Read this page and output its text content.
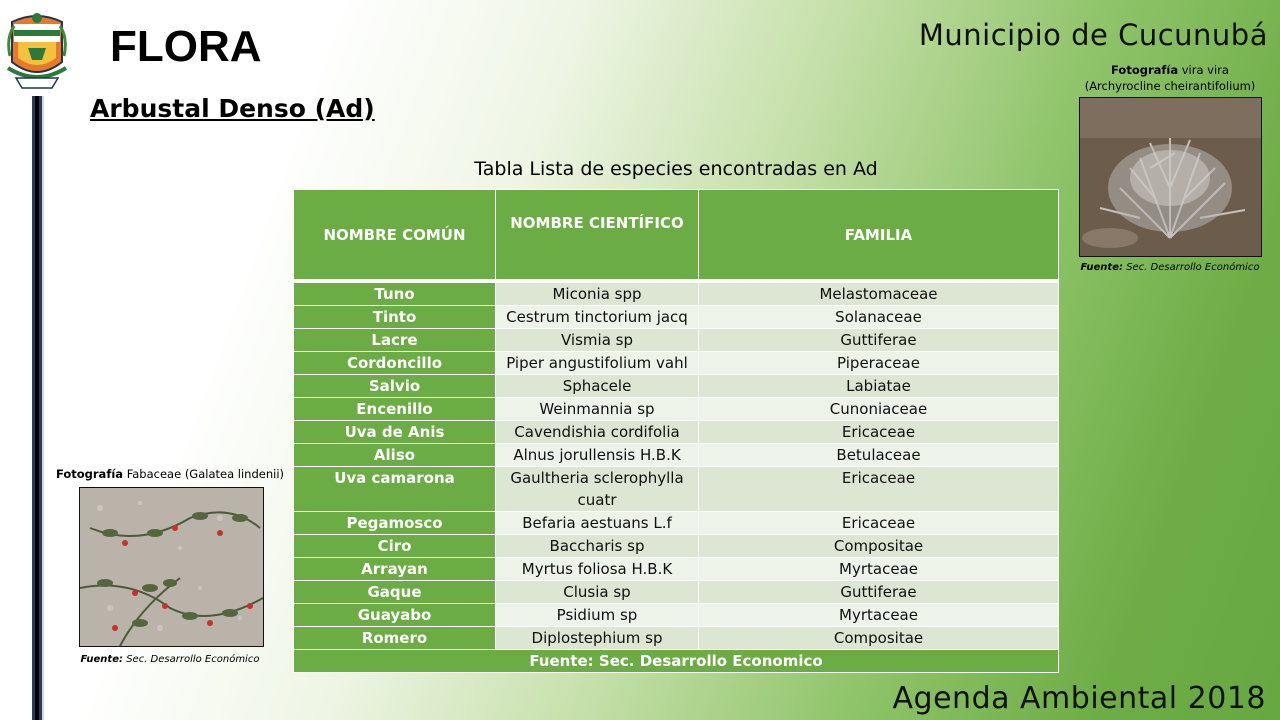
FLORA
Arbustal Denso (Ad)

Municipio de Cucunubá

Fotografía vira vira
(Archyrocline cheirantifolium)

Fuente: Sec. Desarrollo Económico

Fotografía Fabaceae (Galatea lindenii)

Fuente: Sec. Desarrollo Económico

Tabla Lista de especies encontradas en Ad

NOMBRE COMÚN	NOMBRE CIENTÍFICO	FAMILIA
Tuno	Miconia spp	Melastomaceae
Tinto	Cestrum tinctorium jacq	Solanaceae
Lacre	Vismia sp	Guttiferae
Cordoncillo	Piper angustifolium vahl	Piperaceae
Salvio	Sphacele	Labiatae
Encenillo	Weinmannia sp	Cunoniaceae
Uva de Anis	Cavendishia cordifolia	Ericaceae
Aliso	Alnus jorullensis H.B.K	Betulaceae
Uva camarona	Gaultheria sclerophylla cuatr	Ericaceae
Pegamosco	Befaria aestuans L.f	Ericaceae
Ciro	Baccharis sp	Compositae
Arrayan	Myrtus foliosa H.B.K	Myrtaceae
Gaque	Clusia sp	Guttiferae
Guayabo	Psidium sp	Myrtaceae
Romero	Diplostephium sp	Compositae
Fuente: Sec. Desarrollo Economico		

Agenda Ambiental 2018
